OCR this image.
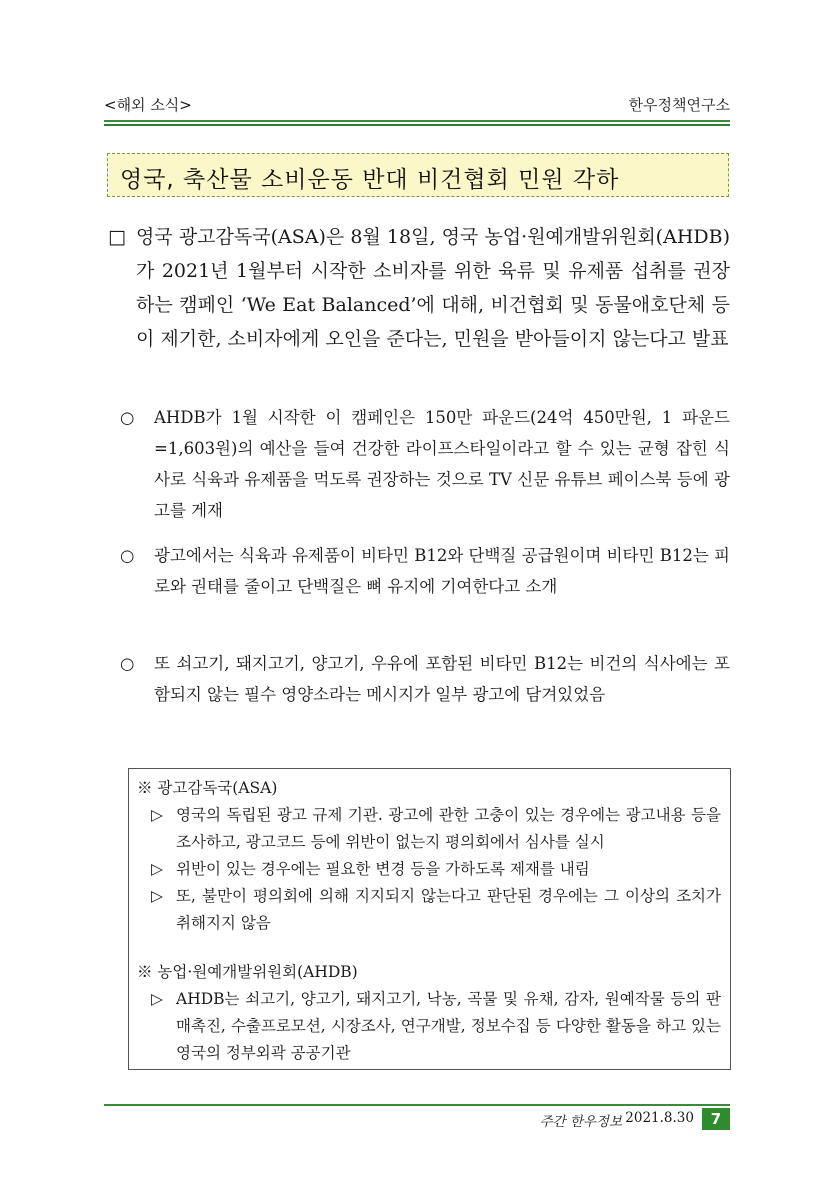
<해외 소식>	한우정책연구소
영국, 축산물 소비운동 반대 비건협회 민원 각하
□ 영국 광고감독국(ASA)은 8월 18일, 영국 농업·원예개발위원회(AHDB)가 2021년 1월부터 시작한 소비자를 위한 육류 및 유제품 섭취를 권장하는 캠페인 ‘We Eat Balanced’에 대해, 비건협회 및 동물애호단체 등이 제기한, 소비자에게 오인을 준다는, 민원을 받아들이지 않는다고 발표
○ AHDB가 1월 시작한 이 캠페인은 150만 파운드(24억 450만원, 1 파운드=1,603원)의 예산을 들여 건강한 라이프스타일이라고 할 수 있는 균형 잡힌 식사로 식육과 유제품을 먹도록 권장하는 것으로 TV 신문 유튜브 페이스북 등에 광고를 게재
○ 광고에서는 식육과 유제품이 비타민 B12와 단백질 공급원이며 비타민 B12는 피로와 권태를 줄이고 단백질은 뼈 유지에 기여한다고 소개
○ 또 쇠고기, 돼지고기, 양고기, 우유에 포함된 비타민 B12는 비건의 식사에는 포함되지 않는 필수 영양소라는 메시지가 일부 광고에 담겨있었음
※ 광고감독국(ASA)
▷ 영국의 독립된 광고 규제 기관. 광고에 관한 고충이 있는 경우에는 광고내용 등을 조사하고, 광고코드 등에 위반이 없는지 평의회에서 심사를 실시
▷ 위반이 있는 경우에는 필요한 변경 등을 가하도록 제재를 내림
▷ 또, 불만이 평의회에 의해 지지되지 않는다고 판단된 경우에는 그 이상의 조치가 취해지지 않음
※ 농업·원예개발위원회(AHDB)
▷ AHDB는 쇠고기, 양고기, 돼지고기, 낙농, 곡물 및 유채, 감자, 원예작물 등의 판매촉진, 수출프로모션, 시장조사, 연구개발, 정보수집 등 다양한 활동을 하고 있는 영국의 정부외곽 공공기관
주간 한우정보 2021.8.30	7
